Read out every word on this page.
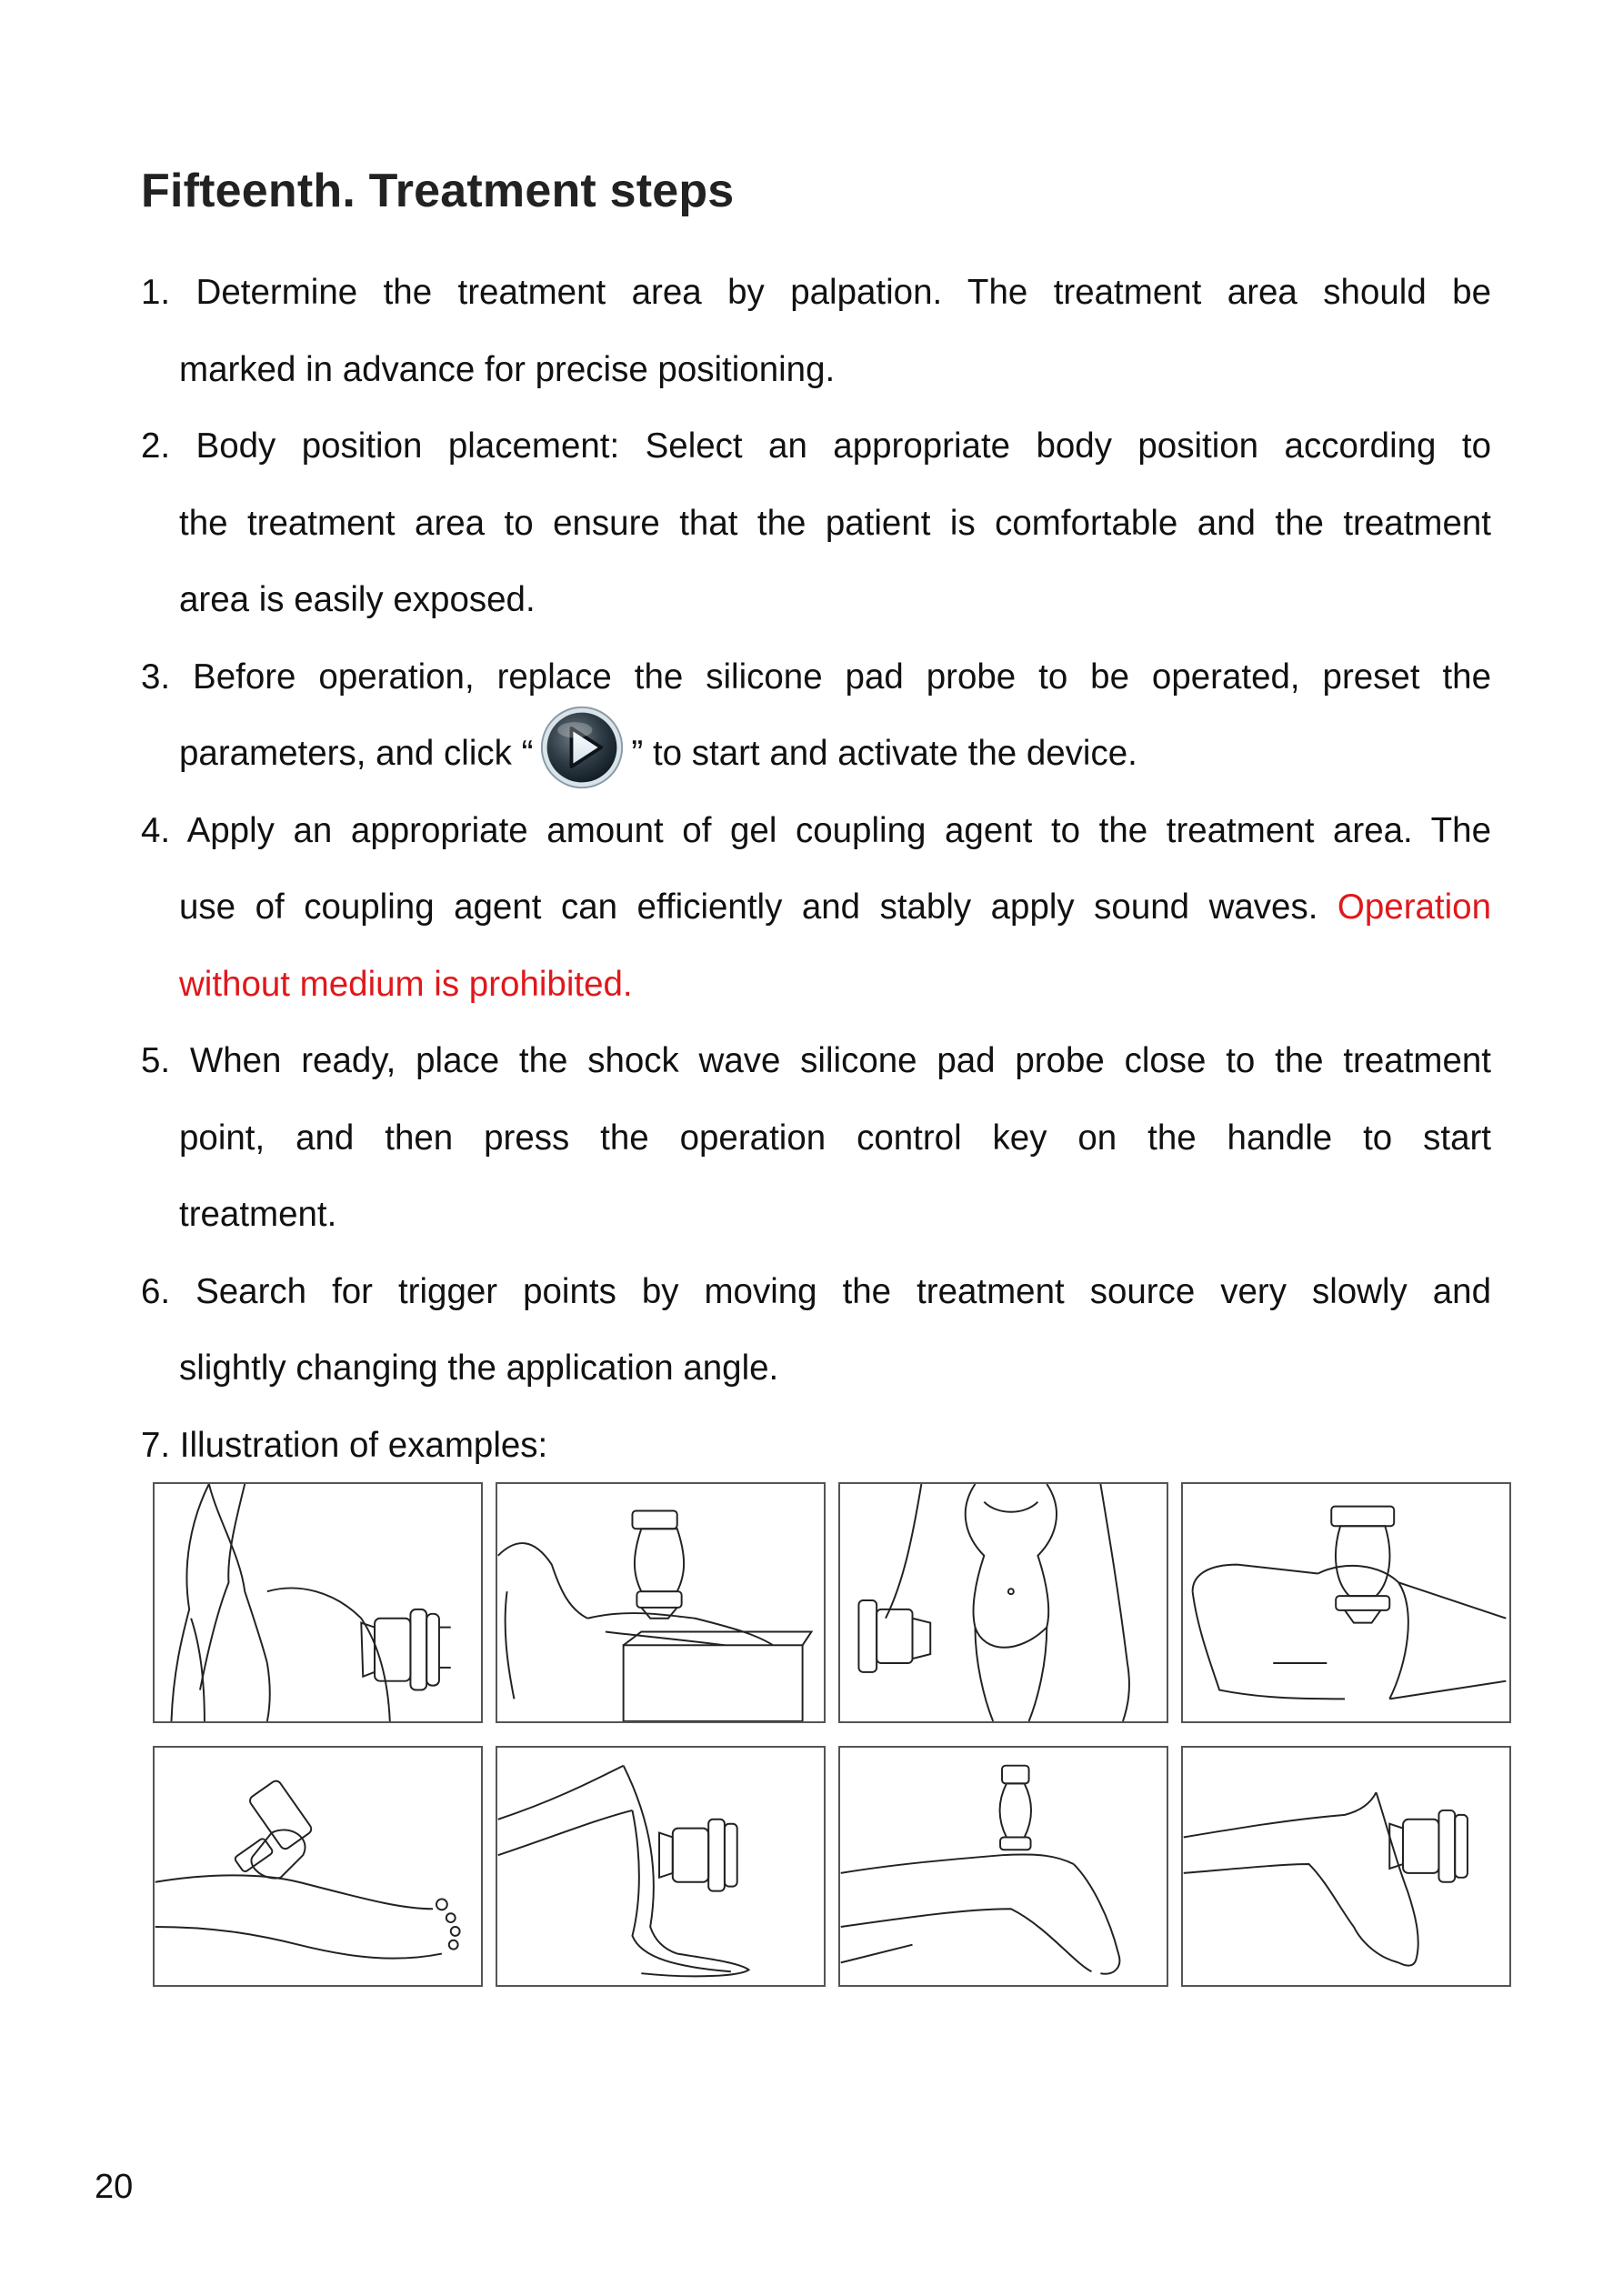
Fifteenth. Treatment steps
1. Determine the treatment area by palpation. The treatment area should be
marked in advance for precise positioning.
2. Body position placement: Select an appropriate body position according to
the treatment area to ensure that the patient is comfortable and the treatment
area is easily exposed.
3. Before operation, replace the silicone pad probe to be operated, preset the
parameters, and click “	” to start and activate the device.
4. Apply an appropriate amount of gel coupling agent to the treatment area. The
use of coupling agent can efficiently and stably apply sound waves. Operation
without medium is prohibited.
5. When ready, place the shock wave silicone pad probe close to the treatment
point, and then press the operation control key on the handle to start
treatment.
6. Search for trigger points by moving the treatment source very slowly and
slightly changing the application angle.
7. Illustration of examples:
20
